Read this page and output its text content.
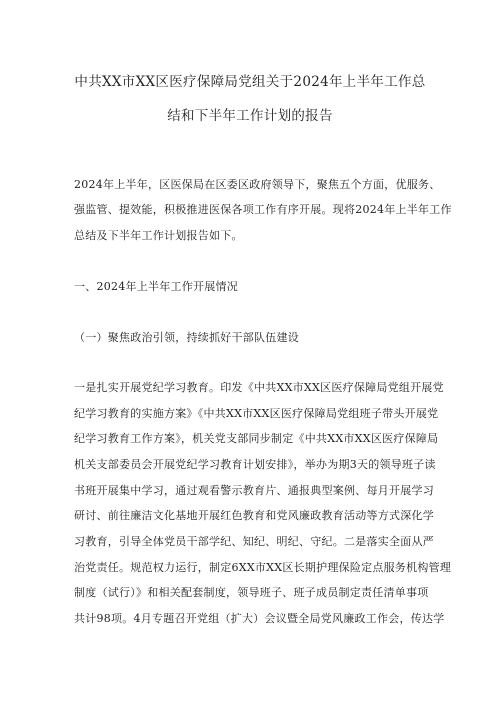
中共XX市XX区医疗保障局党组关于2024年上半年工作总
结和下半年工作计划的报告
2024年上半年，区医保局在区委区政府领导下，聚焦五个方面，优服务、
强监管、提效能，积极推进医保各项工作有序开展。现将2024年上半年工作
总结及下半年工作计划报告如下。
一、2024年上半年工作开展情况
（一）聚焦政治引领，持续抓好干部队伍建设
一是扎实开展党纪学习教育。印发《中共XX市XX区医疗保障局党组开展党
纪学习教育的实施方案》《中共XX市XX区医疗保障局党组班子带头开展党
纪学习教育工作方案》，机关党支部同步制定《中共XX市XX区医疗保障局
机关支部委员会开展党纪学习教育计划安排》，举办为期3天的领导班子读
书班开展集中学习，通过观看警示教育片、通报典型案例、每月开展学习
研讨、前往廉洁文化基地开展红色教育和党风廉政教育活动等方式深化学
习教育，引导全体党员干部学纪、知纪、明纪、守纪。二是落实全面从严
治党责任。规范权力运行，制定6XX市XX区长期护理保险定点服务机构管理
制度（试行）》和相关配套制度，领导班子、班子成员制定责任清单事项
共计98项。4月专题召开党组（扩大）会议暨全局党风廉政工作会，传达学
